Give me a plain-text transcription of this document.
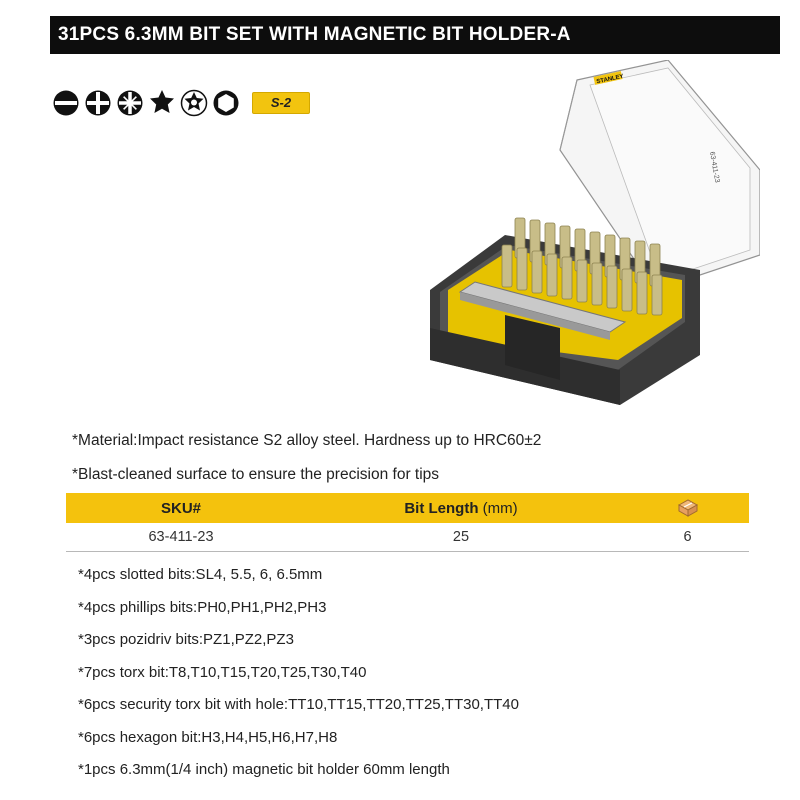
31PCS 6.3MM BIT SET WITH MAGNETIC BIT HOLDER-A
S-2
STANLEY
63-411-23
*Material:Impact resistance S2 alloy steel. Hardness up to HRC60±2
*Blast-cleaned surface to ensure the precision for tips
SKU#	Bit Length (mm)
63-411-23	25	6
*4pcs slotted bits:SL4, 5.5, 6, 6.5mm
*4pcs phillips bits:PH0,PH1,PH2,PH3
*3pcs pozidriv bits:PZ1,PZ2,PZ3
*7pcs torx bit:T8,T10,T15,T20,T25,T30,T40
*6pcs security torx bit with hole:TT10,TT15,TT20,TT25,TT30,TT40
*6pcs hexagon bit:H3,H4,H5,H6,H7,H8
*1pcs 6.3mm(1/4 inch) magnetic bit holder 60mm length
